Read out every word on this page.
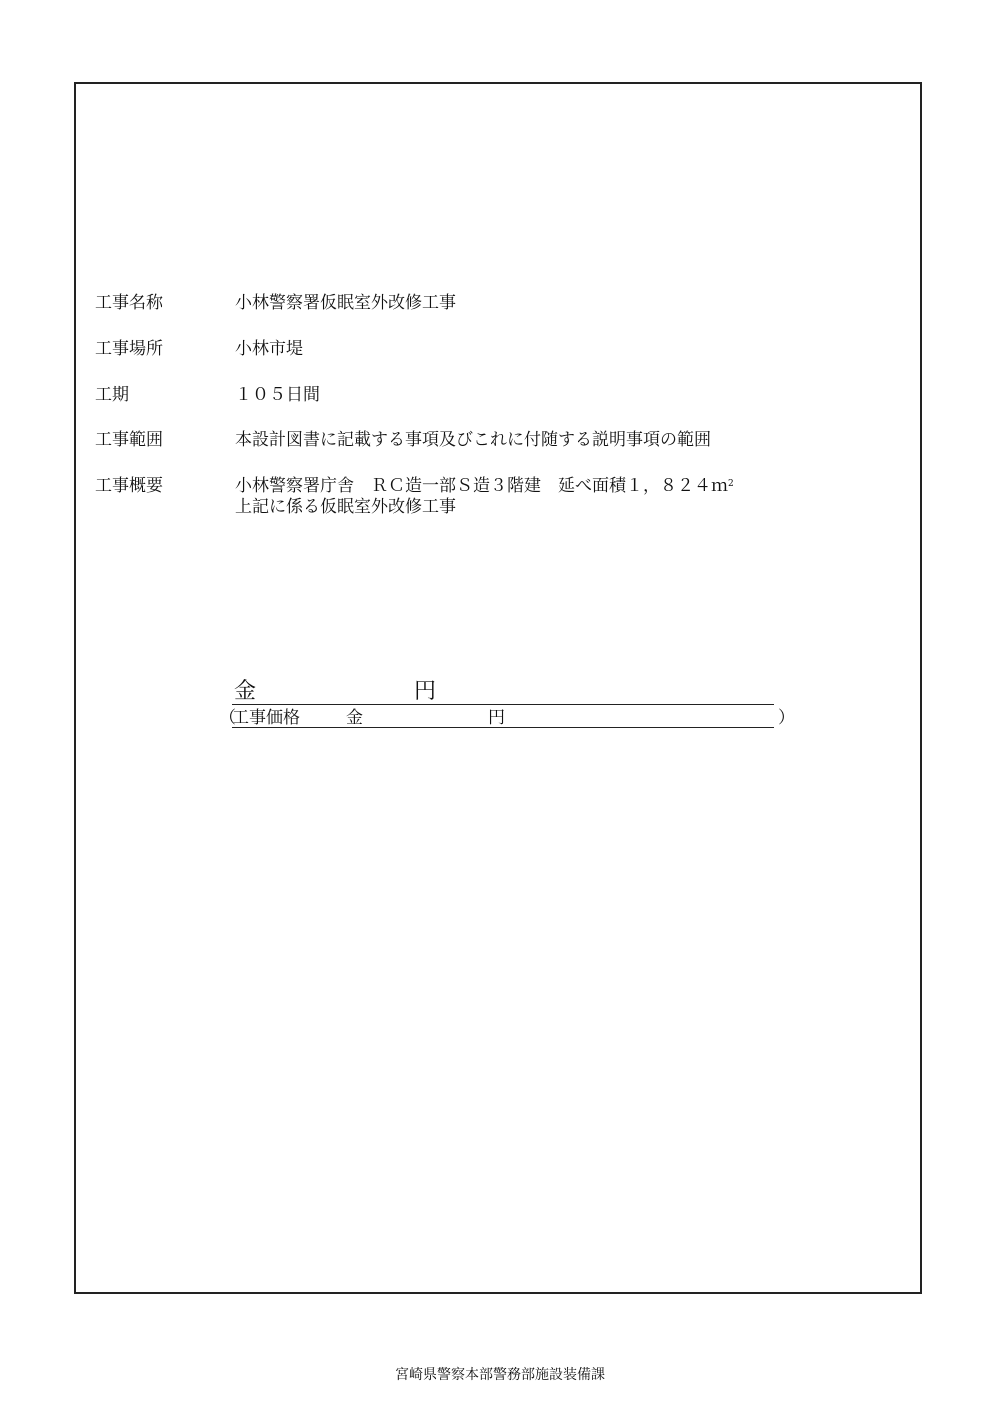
工事名称	小林警察署仮眠室外改修工事
工事場所	小林市堤
工期	１０５日間
工事範囲	本設計図書に記載する事項及びこれに付随する説明事項の範囲
工事概要	小林警察署庁舎　ＲＣ造一部Ｓ造３階建　延べ面積１，８２４ｍ$^2$
上記に係る仮眠室外改修工事
金	円
（
工事価格	金	円	）
宮崎県警察本部警務部施設装備課
